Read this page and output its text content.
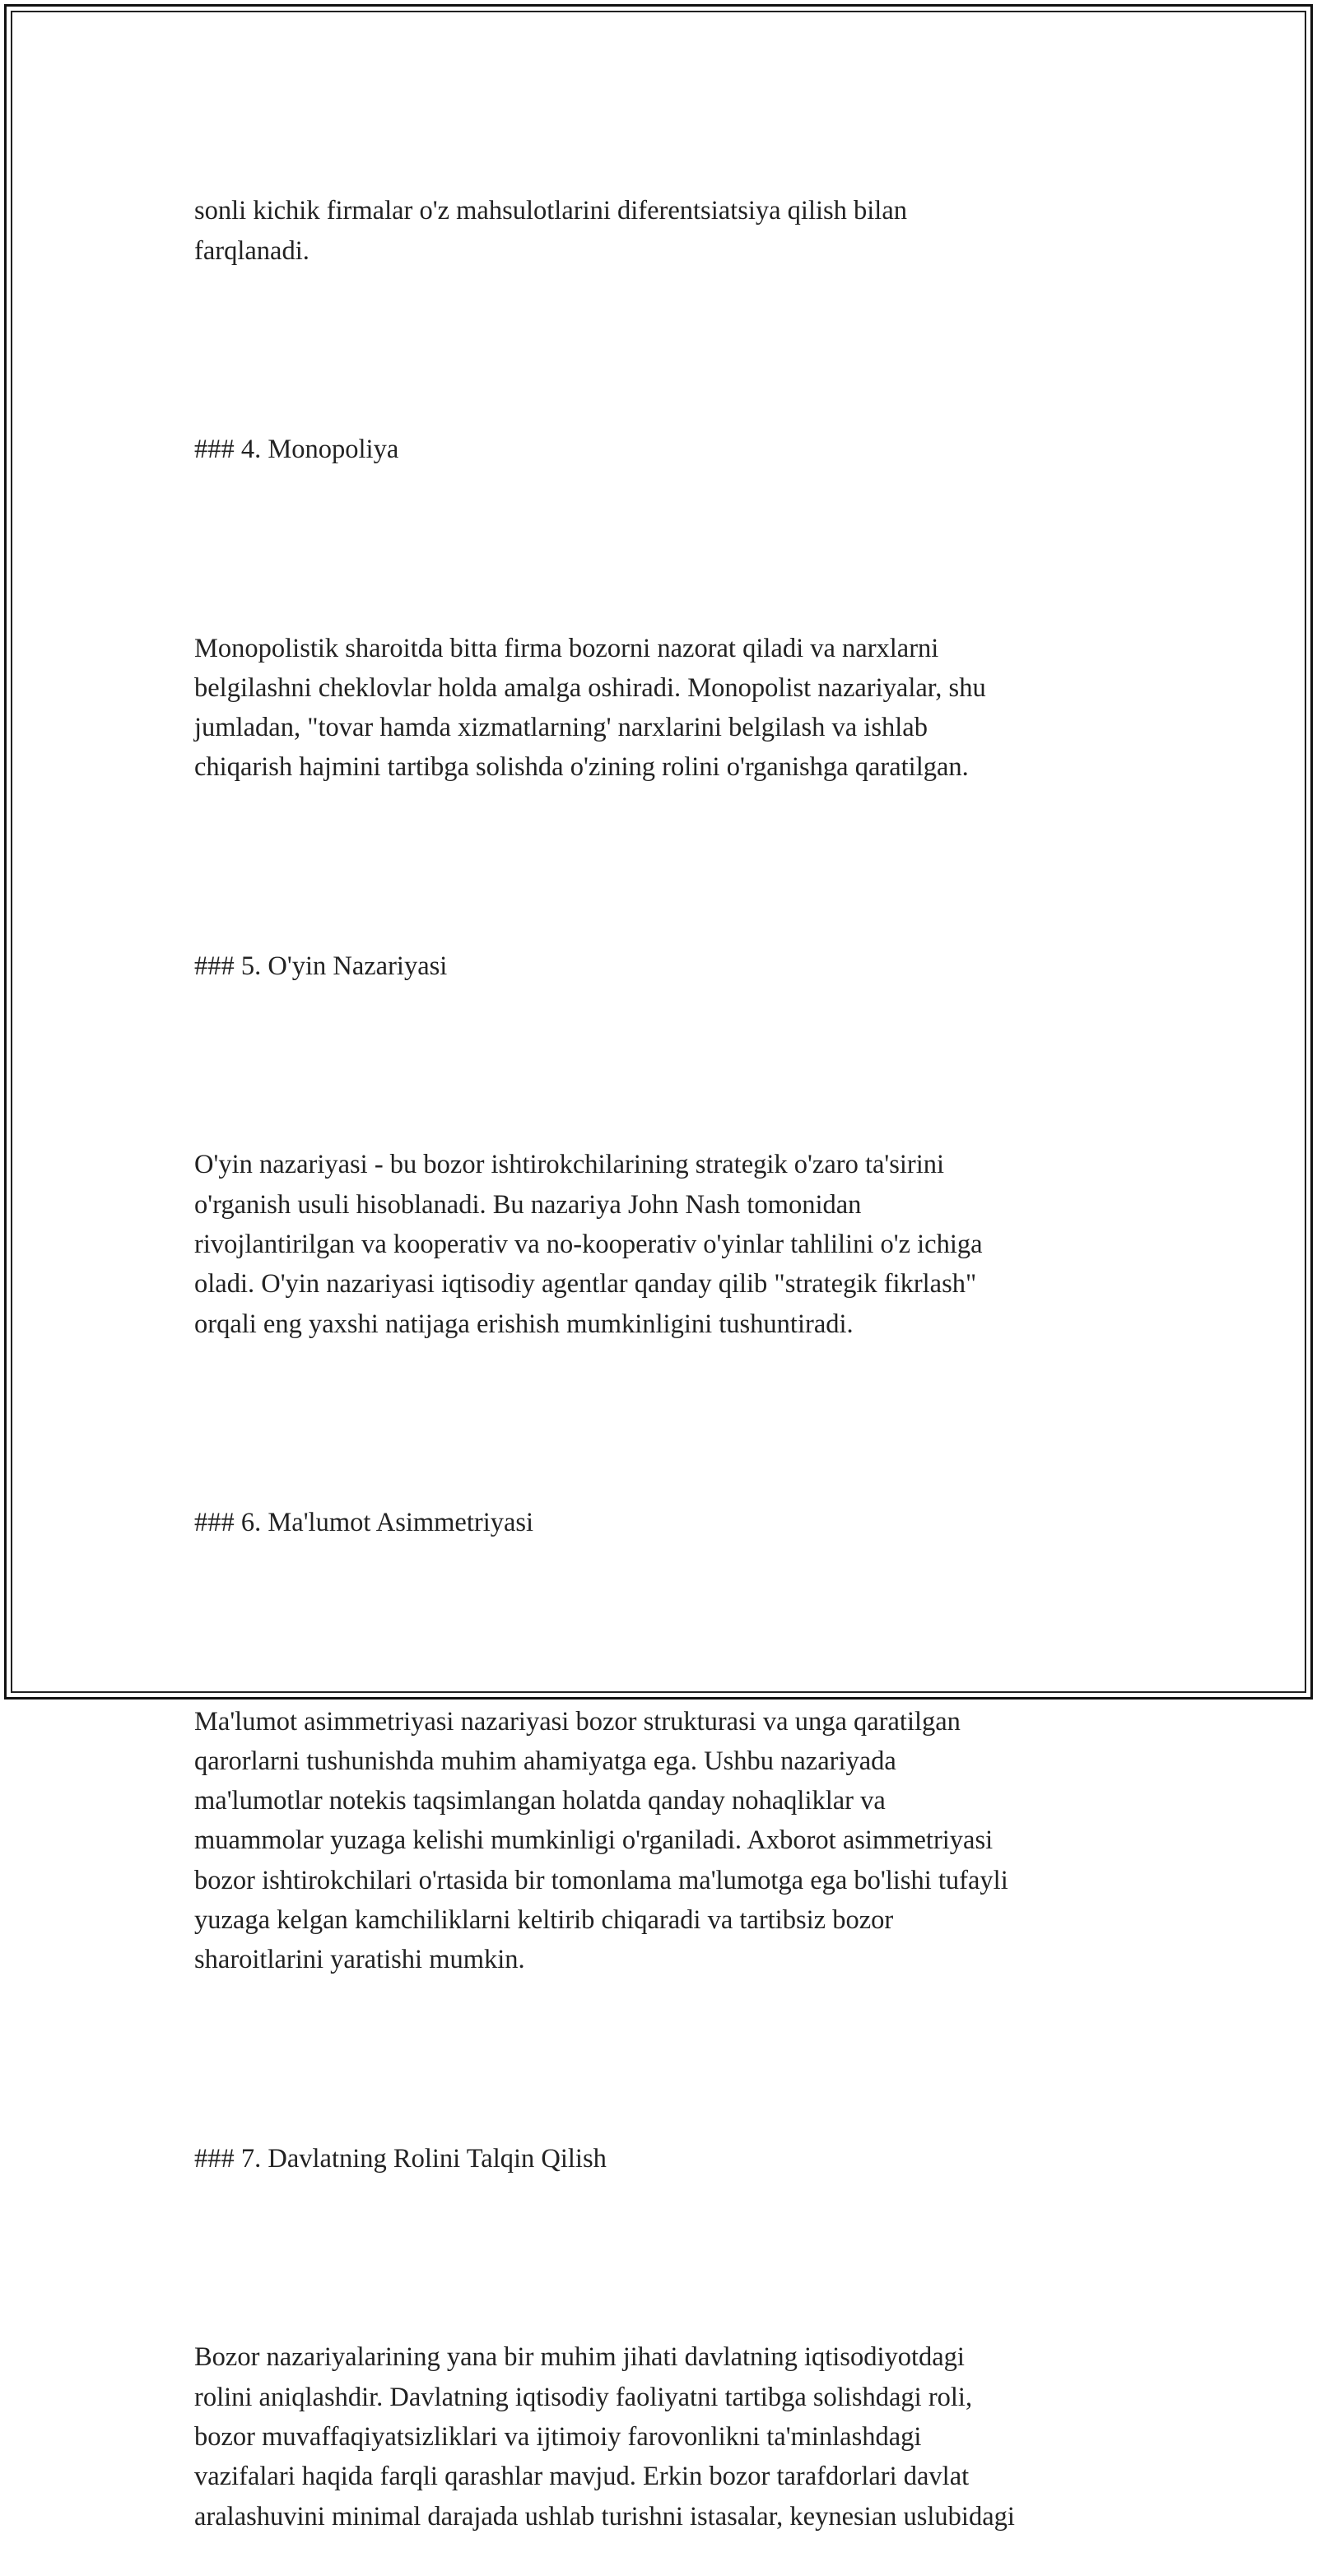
sonli kichik firmalar o'z mahsulotlarini diferentsiatsiya qilish bilan
farqlanadi.

### 4. Monopoliya

Monopolistik sharoitda bitta firma bozorni nazorat qiladi va narxlarni
belgilashni cheklovlar holda amalga oshiradi. Monopolist nazariyalar, shu
jumladan, "tovar hamda xizmatlarning' narxlarini belgilash va ishlab
chiqarish hajmini tartibga solishda o'zining rolini o'rganishga qaratilgan.

### 5. O'yin Nazariyasi

O'yin nazariyasi - bu bozor ishtirokchilarining strategik o'zaro ta'sirini
o'rganish usuli hisoblanadi. Bu nazariya John Nash tomonidan
rivojlantirilgan va kooperativ va no-kooperativ o'yinlar tahlilini o'z ichiga
oladi. O'yin nazariyasi iqtisodiy agentlar qanday qilib "strategik fikrlash"
orqali eng yaxshi natijaga erishish mumkinligini tushuntiradi.

### 6. Ma'lumot Asimmetriyasi

Ma'lumot asimmetriyasi nazariyasi bozor strukturasi va unga qaratilgan
qarorlarni tushunishda muhim ahamiyatga ega. Ushbu nazariyada
ma'lumotlar notekis taqsimlangan holatda qanday nohaqliklar va
muammolar yuzaga kelishi mumkinligi o'rganiladi. Axborot asimmetriyasi
bozor ishtirokchilari o'rtasida bir tomonlama ma'lumotga ega bo'lishi tufayli
yuzaga kelgan kamchiliklarni keltirib chiqaradi va tartibsiz bozor
sharoitlarini yaratishi mumkin.

### 7. Davlatning Rolini Talqin Qilish

Bozor nazariyalarining yana bir muhim jihati davlatning iqtisodiyotdagi
rolini aniqlashdir. Davlatning iqtisodiy faoliyatni tartibga solishdagi roli,
bozor muvaffaqiyatsizliklari va ijtimoiy farovonlikni ta'minlashdagi
vazifalari haqida farqli qarashlar mavjud. Erkin bozor tarafdorlari davlat
aralashuvini minimal darajada ushlab turishni istasalar, keynesian uslubidagi
